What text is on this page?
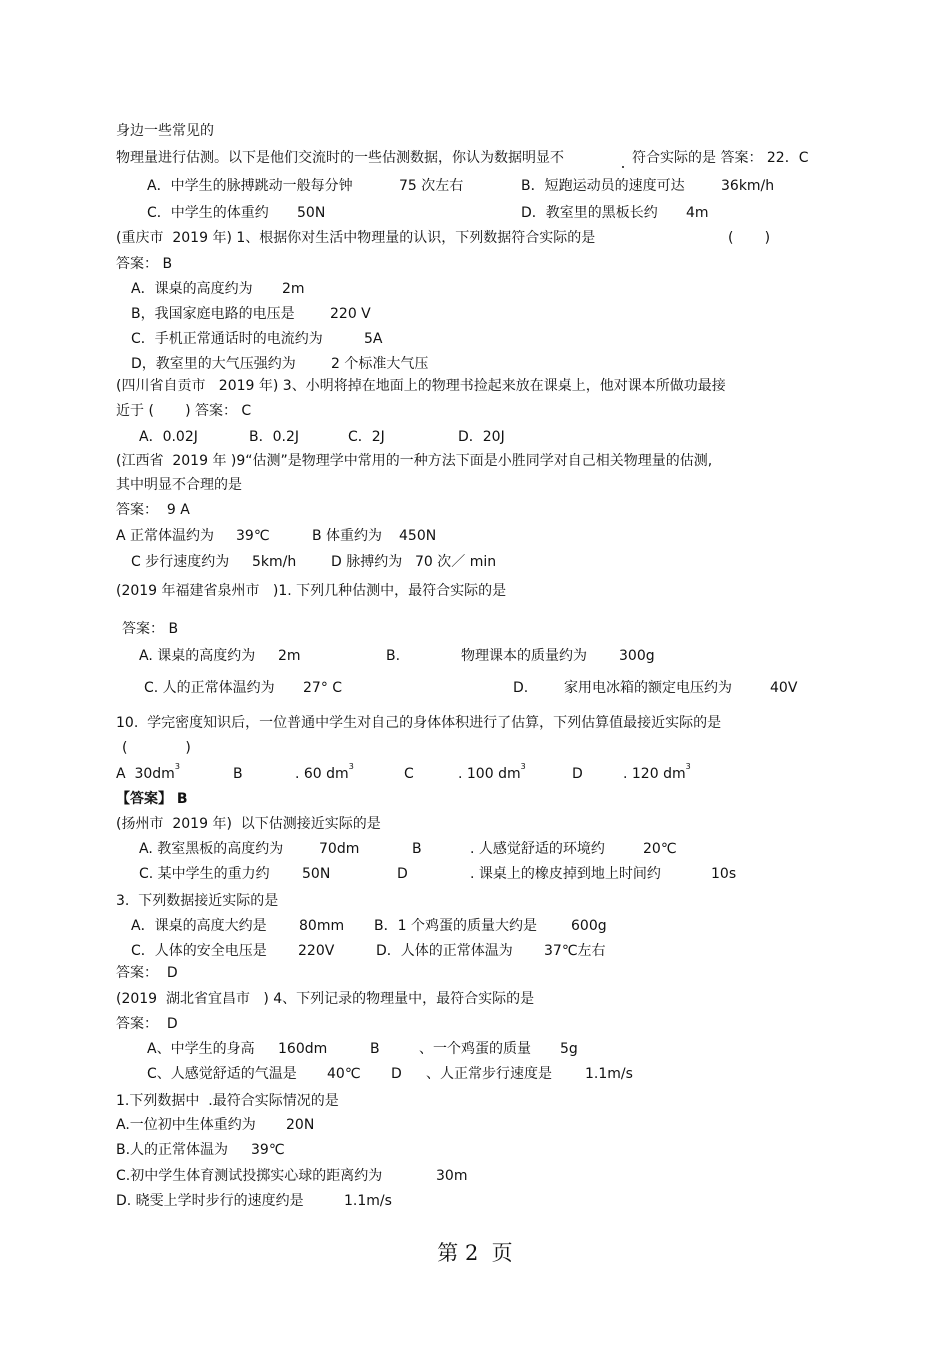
身边一些常见的
物理量进行估测。以下是他们交流时的一些估测数据，你认为数据明显不	符合实际的是 答案： 22．C
A．中学生的脉搏跳动一般每分钟	75 次左右	B．短跑运动员的速度可达	36km/h
C．中学生的体重约 50N	D．教室里的黑板长约 4m
(重庆市  2019 年) 1、根据你对生活中物理量的认识，下列数据符合实际的是	(       )
答案： B
A．课桌的高度约为 2m
B，我国家庭电路的电压是	220 V
C．手机正常通话时的电流约为	5A
D，教室里的大气压强约为	2 个标准大气压
(四川省自贡市   2019 年) 3、小明将掉在地面上的物理书捡起来放在课桌上，他对课本所做功最接
近于 (       ) 答案： C
A．0.02J	B．0.2J	C．2J	D．20J
(江西省  2019 年 )9“估测”是物理学中常用的一种方法下面是小胜同学对自己相关物理量的估测,
其中明显不合理的是
答案：  9 A
A 正常体温约为 39℃	B 体重约为 450N
C 步行速度约为 5km/h D 脉搏约为 70 次／ min
(2019 年福建省泉州市   )1. 下列几种估测中，最符合实际的是
答案： B
A. 课桌的高度约为 2m	B.	物理课本的质量约为 300g
C. 人的正常体温约为 27° C	D.	家用电冰箱的额定电压约为	40V
10.  学完密度知识后，一位普通中学生对自己的身体体积进行了估算，下列估算值最接近实际的是
(             )
A  $30dm^3$	B	. 60 $dm^3$	C	. 100 $dm^3$	D	. 120 $dm^3$
【答案】 B
(扬州市  2019 年)  以下估测接近实际的是
A. 教室黑板的高度约为	70dm	B	. 人感觉舒适的环境约	20℃
C. 某中学生的重力约 50N	D	. 课桌上的橡皮掉到地上时间约	10s
3.  下列数据接近实际的是
A．课桌的高度大约是 80mm B．1 个鸡蛋的质量大约是 600g
C．人体的安全电压是 220V	D．人体的正常体温为 37℃左右
答案：  D
(2019  湖北省宜昌市   ) 4、下列记录的物理量中，最符合实际的是
答案：  D
A、中学生的身高 160dm	B	、一个鸡蛋的质量 5g
C、人感觉舒适的气温是 40℃ D 、人正常步行速度是 1.1m/s
1.下列数据中  .最符合实际情况的是
A.一位初中生体重约为 20N
B.人的正常体温为 39℃
C.初中学生体育测试投掷实心球的距离约为	30m
D. 晓雯上学时步行的速度约是	1.1m/s
第 2  页
